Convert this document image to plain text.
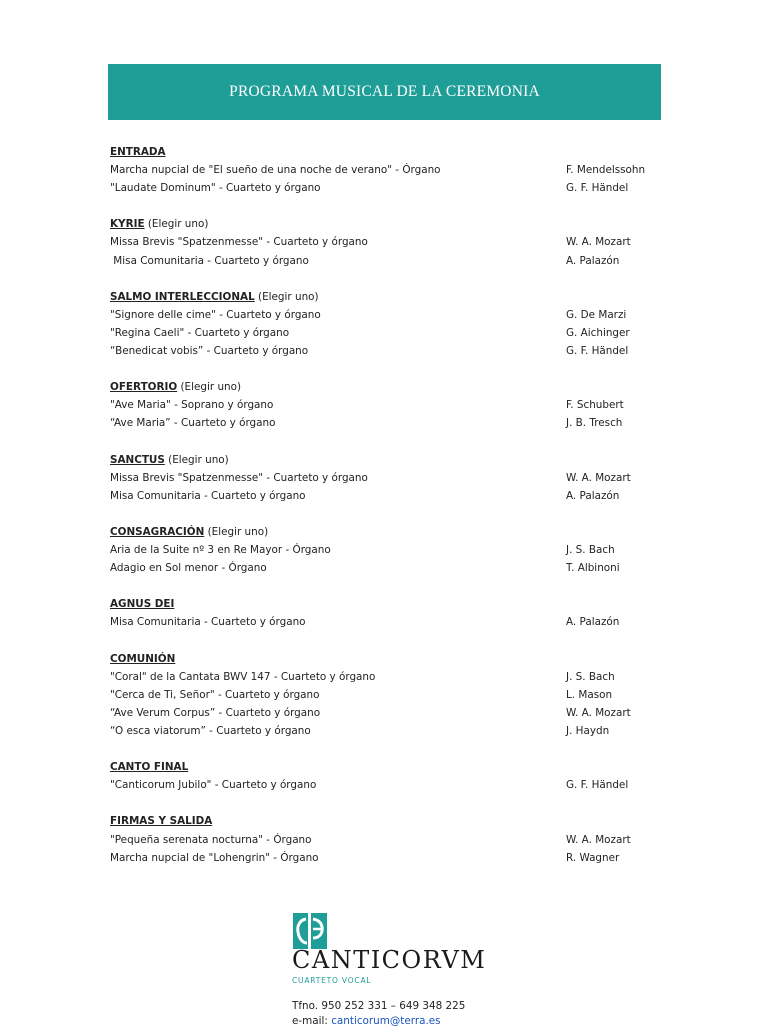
PROGRAMA MUSICAL DE LA CEREMONIA
ENTRADA
Marcha nupcial de "El sueño de una noche de verano" - Órgano	F. Mendelssohn
"Laudate Dominum" - Cuarteto y órgano	G. F. Händel
KYRIE (Elegir uno)
Missa Brevis "Spatzenmesse" - Cuarteto y órgano	W. A. Mozart
Misa Comunitaria - Cuarteto y órgano	A. Palazón
SALMO INTERLECCIONAL (Elegir uno)
"Signore delle cime" - Cuarteto y órgano	G. De Marzi
"Regina Caeli" - Cuarteto y órgano	G. Aichinger
“Benedicat vobis” - Cuarteto y órgano	G. F. Händel
OFERTORIO (Elegir uno)
"Ave Maria" - Soprano y órgano	F. Schubert
“Ave Maria” - Cuarteto y órgano	J. B. Tresch
SANCTUS (Elegir uno)
Missa Brevis "Spatzenmesse" - Cuarteto y órgano	W. A. Mozart
Misa Comunitaria - Cuarteto y órgano	A. Palazón
CONSAGRACIÓN (Elegir uno)
Aria de la Suite nº 3 en Re Mayor - Órgano	J. S. Bach
Adagio en Sol menor - Órgano	T. Albinoni
AGNUS DEI
Misa Comunitaria - Cuarteto y órgano	A. Palazón
COMUNIÓN
"Coral" de la Cantata BWV 147 - Cuarteto y órgano	J. S. Bach
"Cerca de Ti, Señor" - Cuarteto y órgano	L. Mason
“Ave Verum Corpus” - Cuarteto y órgano	W. A. Mozart
“O esca viatorum” - Cuarteto y órgano	J. Haydn
CANTO FINAL
"Canticorum Jubilo" - Cuarteto y órgano	G. F. Händel
FIRMAS Y SALIDA
"Pequeña serenata nocturna" - Órgano	W. A. Mozart
Marcha nupcial de "Lohengrin" - Órgano	R. Wagner
CANTICORVM
CUARTETO VOCAL
Tfno. 950 252 331 – 649 348 225
e-mail: canticorum@terra.es
